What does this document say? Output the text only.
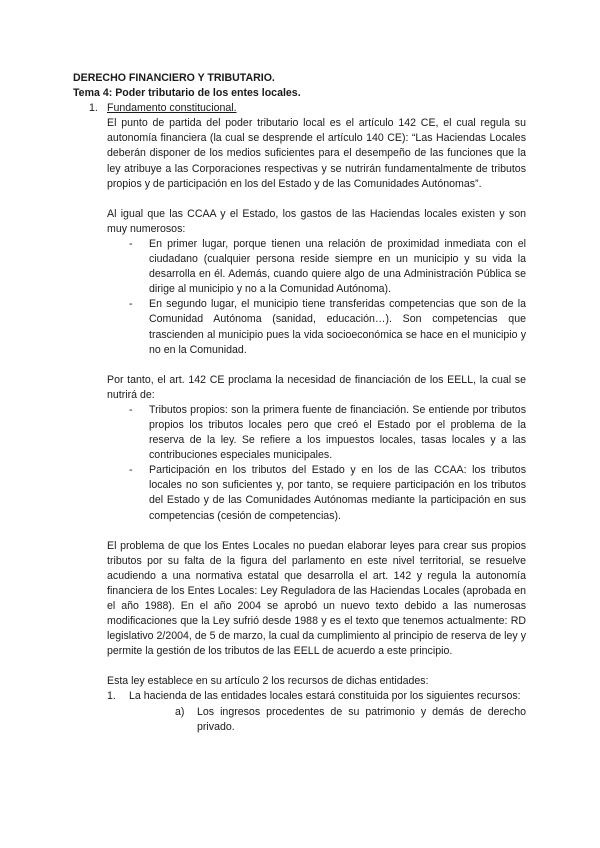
DERECHO FINANCIERO Y TRIBUTARIO.

Tema 4: Poder tributario de los entes locales.

1. Fundamento constitucional.

El punto de partida del poder tributario local es el artículo 142 CE, el cual regula su autonomía financiera (la cual se desprende el artículo 140 CE): “Las Haciendas Locales deberán disponer de los medios suficientes para el desempeño de las funciones que la ley atribuye a las Corporaciones respectivas y se nutrirán fundamentalmente de tributos propios y de participación en los del Estado y de las Comunidades Autónomas”.

Al igual que las CCAA y el Estado, los gastos de las Haciendas locales existen y son muy numerosos:

-	En primer lugar, porque tienen una relación de proximidad inmediata con el ciudadano (cualquier persona reside siempre en un municipio y su vida la desarrolla en él. Además, cuando quiere algo de una Administración Pública se dirige al municipio y no a la Comunidad Autónoma).
-	En segundo lugar, el municipio tiene transferidas competencias que son de la Comunidad Autónoma (sanidad, educación…). Son competencias que trascienden al municipio pues la vida socioeconómica se hace en el municipio y no en la Comunidad.

Por tanto, el art. 142 CE proclama la necesidad de financiación de los EELL, la cual se nutrirá de:

-	Tributos propios: son la primera fuente de financiación. Se entiende por tributos propios los tributos locales pero que creó el Estado por el problema de la reserva de la ley. Se refiere a los impuestos locales, tasas locales y a las contribuciones especiales municipales.
-	Participación en los tributos del Estado y en los de las CCAA: los tributos locales no son suficientes y, por tanto, se requiere participación en los tributos del Estado y de las Comunidades Autónomas mediante la participación en sus competencias (cesión de competencias).

El problema de que los Entes Locales no puedan elaborar leyes para crear sus propios tributos por su falta de la figura del parlamento en este nivel territorial, se resuelve acudiendo a una normativa estatal que desarrolla el art. 142 y regula la autonomía financiera de los Entes Locales: Ley Reguladora de las Haciendas Locales (aprobada en el año 1988). En el año 2004 se aprobó un nuevo texto debido a las numerosas modificaciones que la Ley sufrió desde 1988 y es el texto que tenemos actualmente: RD legislativo 2/2004, de 5 de marzo, la cual da cumplimiento al principio de reserva de ley y permite la gestión de los tributos de las EELL de acuerdo a este principio.

Esta ley establece en su artículo 2 los recursos de dichas entidades:

1.	La hacienda de las entidades locales estará constituida por los siguientes recursos:
a)	Los ingresos procedentes de su patrimonio y demás de derecho privado.
